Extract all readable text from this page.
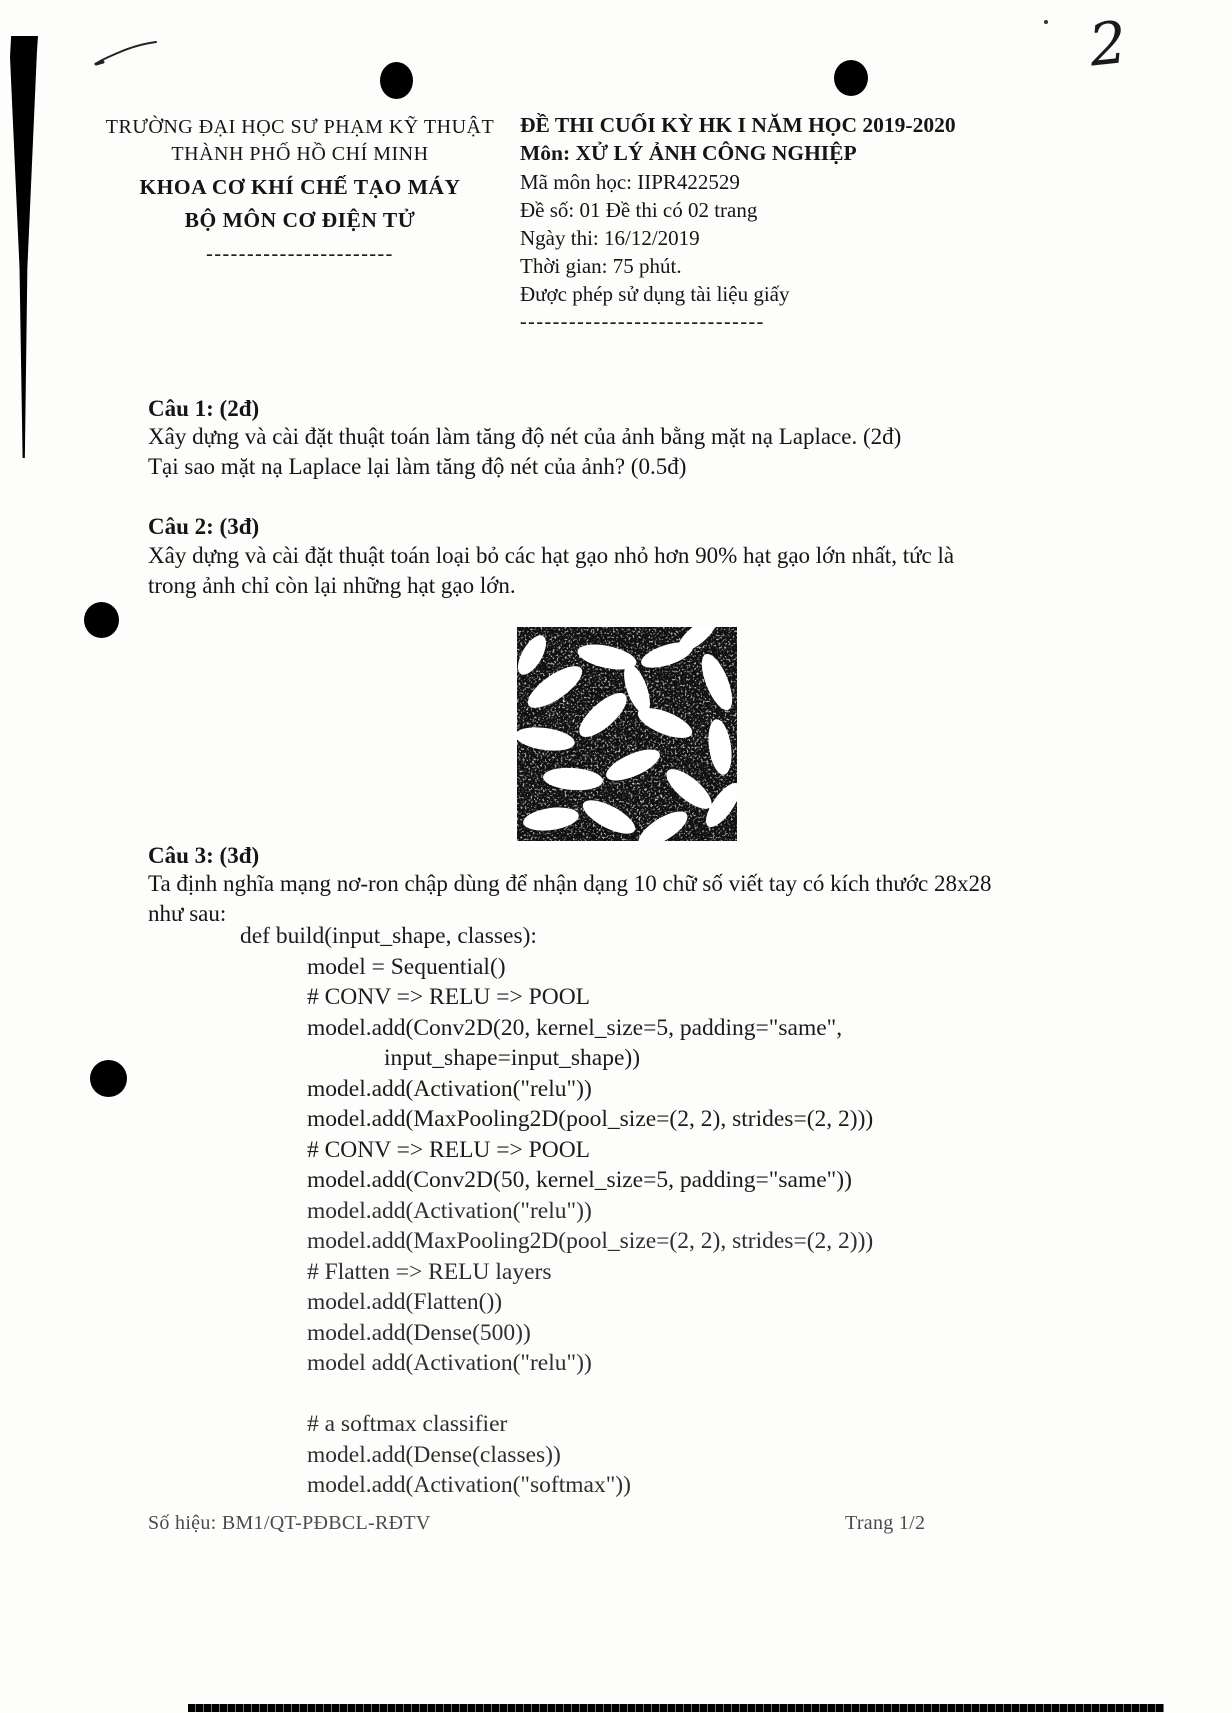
2
TRƯỜNG ĐẠI HỌC SƯ PHẠM KỸ THUẬT
THÀNH PHỐ HỒ CHÍ MINH
KHOA CƠ KHÍ CHẾ TẠO MÁY
BỘ MÔN CƠ ĐIỆN TỬ
-----------------------
ĐỀ THI CUỐI KỲ HK I NĂM HỌC 2019-2020
Môn: XỬ LÝ ẢNH CÔNG NGHIỆP
Mã môn học: IIPR422529
Đề số: 01 Đề thi có 02 trang
Ngày thi: 16/12/2019
Thời gian: 75 phút.
Được phép sử dụng tài liệu giấy
------------------------------
Câu 1: (2đ)
Xây dựng và cài đặt thuật toán làm tăng độ nét của ảnh bằng mặt nạ Laplace. (2đ)
Tại sao mặt nạ Laplace lại làm tăng độ nét của ảnh? (0.5đ)
Câu 2: (3đ)
Xây dựng và cài đặt thuật toán loại bỏ các hạt gạo nhỏ hơn 90% hạt gạo lớn nhất, tức là
trong ảnh chỉ còn lại những hạt gạo lớn.
Câu 3: (3đ)
Ta định nghĩa mạng nơ-ron chập dùng để nhận dạng 10 chữ số viết tay có kích thước 28x28
như sau:
def build(input_shape, classes):
model = Sequential()
# CONV => RELU => POOL
model.add(Conv2D(20, kernel_size=5, padding="same",
input_shape=input_shape))
model.add(Activation("relu"))
model.add(MaxPooling2D(pool_size=(2, 2), strides=(2, 2)))
# CONV => RELU => POOL
model.add(Conv2D(50, kernel_size=5, padding="same"))
model.add(Activation("relu"))
model.add(MaxPooling2D(pool_size=(2, 2), strides=(2, 2)))
# Flatten => RELU layers
model.add(Flatten())
model.add(Dense(500))
model add(Activation("relu"))

# a softmax classifier
model.add(Dense(classes))
model.add(Activation("softmax"))
Số hiệu: BM1/QT-PĐBCL-RĐTV	Trang 1/2
